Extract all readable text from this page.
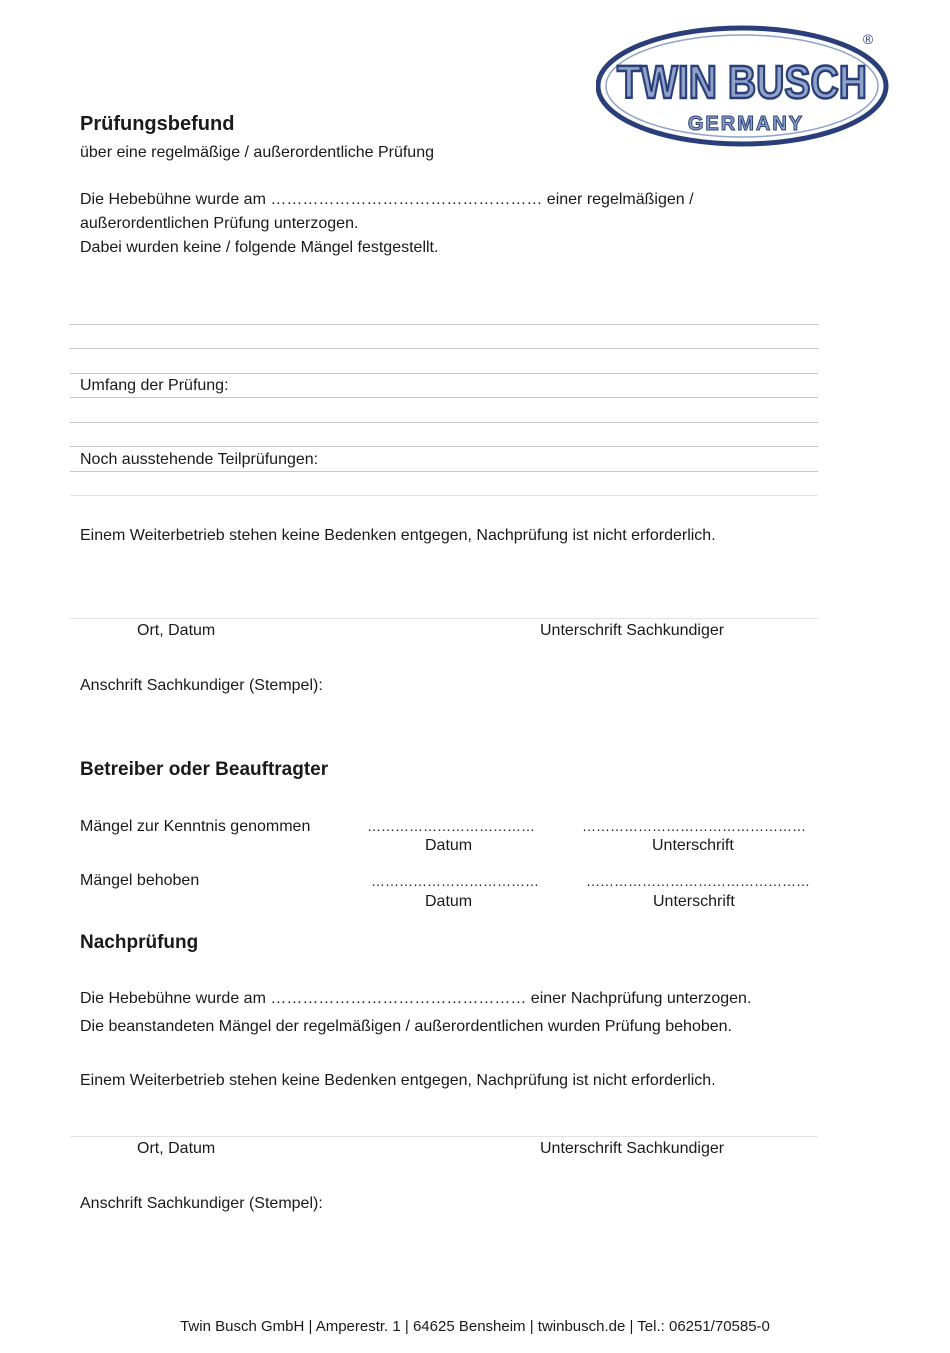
TWIN BUSCH
GERMANY
®
Prüfungsbefund
über eine regelmäßige / außerordentliche Prüfung
Die Hebebühne wurde am …………………………………………… einer regelmäßigen /
außerordentlichen Prüfung unterzogen.
Dabei wurden keine / folgende Mängel festgestellt.
Umfang der Prüfung:
Noch ausstehende Teilprüfungen:
Einem Weiterbetrieb stehen keine Bedenken entgegen, Nachprüfung ist nicht erforderlich.
Ort, Datum	Unterschrift Sachkundiger
Anschrift Sachkundiger (Stempel):
Betreiber oder Beauftragter
Mängel zur Kenntnis genommen	………………………………	…………………………………………
Datum	Unterschrift
Mängel behoben	………………………………	…………………………………………
Datum	Unterschrift
Nachprüfung
Die Hebebühne wurde am ………………………………………… einer Nachprüfung unterzogen.
Die beanstandeten Mängel der regelmäßigen / außerordentlichen wurden Prüfung behoben.
Einem Weiterbetrieb stehen keine Bedenken entgegen, Nachprüfung ist nicht erforderlich.
Ort, Datum	Unterschrift Sachkundiger
Anschrift Sachkundiger (Stempel):
Twin Busch GmbH | Amperestr. 1 | 64625 Bensheim | twinbusch.de | Tel.: 06251/70585-0
